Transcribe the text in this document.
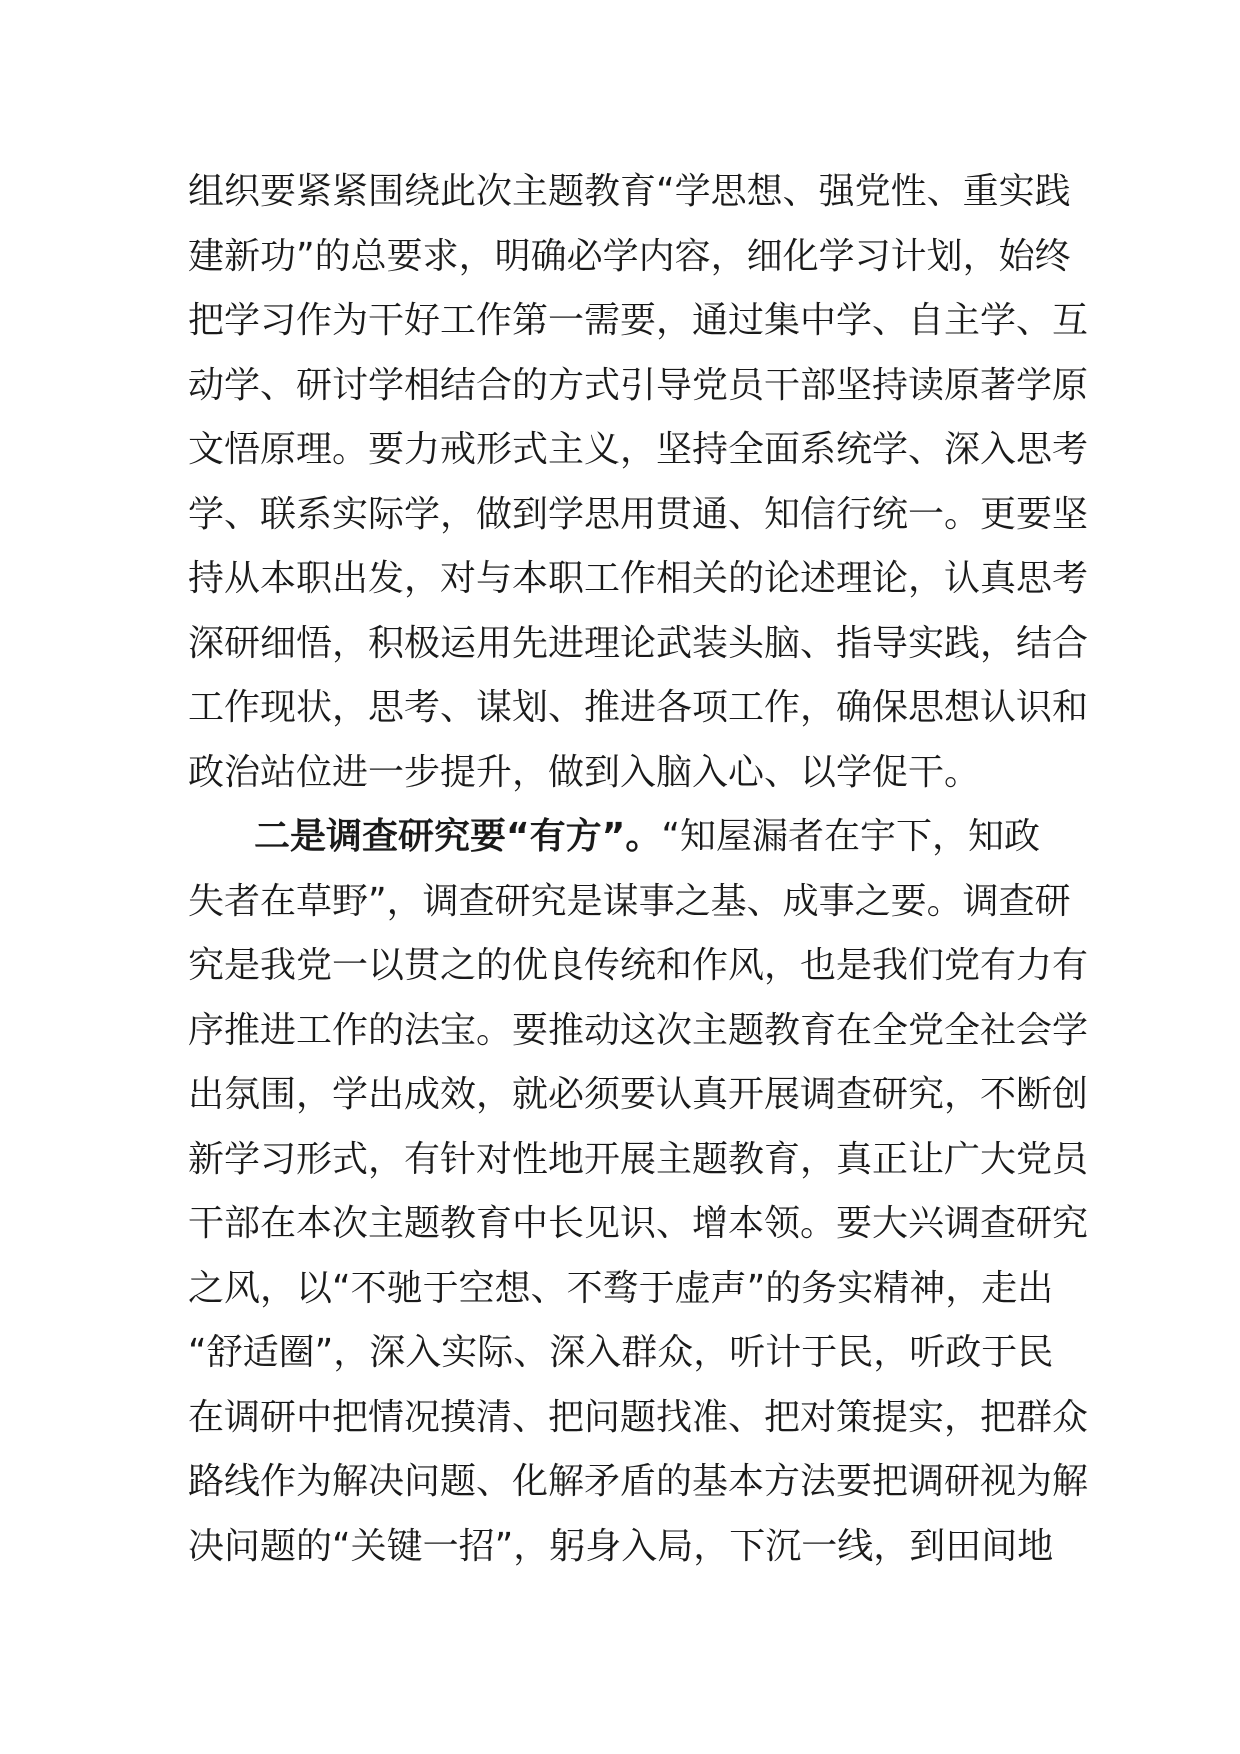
组织要紧紧围绕此次主题教育“学思想、强党性、重实践
建新功”的总要求，明确必学内容，细化学习计划，始终
把学习作为干好工作第一需要，通过集中学、自主学、互
动学、研讨学相结合的方式引导党员干部坚持读原著学原
文悟原理。要力戒形式主义，坚持全面系统学、深入思考
学、联系实际学，做到学思用贯通、知信行统一。更要坚
持从本职出发，对与本职工作相关的论述理论，认真思考
深研细悟，积极运用先进理论武装头脑、指导实践，结合
工作现状，思考、谋划、推进各项工作，确保思想认识和
政治站位进一步提升，做到入脑入心、以学促干。
二是调查研究要“有方”。“知屋漏者在宇下，知政
失者在草野”，调查研究是谋事之基、成事之要。调查研
究是我党一以贯之的优良传统和作风，也是我们党有力有
序推进工作的法宝。要推动这次主题教育在全党全社会学
出氛围，学出成效，就必须要认真开展调查研究，不断创
新学习形式，有针对性地开展主题教育，真正让广大党员
干部在本次主题教育中长见识、增本领。要大兴调查研究
之风，以“不驰于空想、不骛于虚声”的务实精神，走出
“舒适圈”，深入实际、深入群众，听计于民，听政于民
在调研中把情况摸清、把问题找准、把对策提实，把群众
路线作为解决问题、化解矛盾的基本方法要把调研视为解
决问题的“关键一招”，躬身入局，下沉一线，到田间地
